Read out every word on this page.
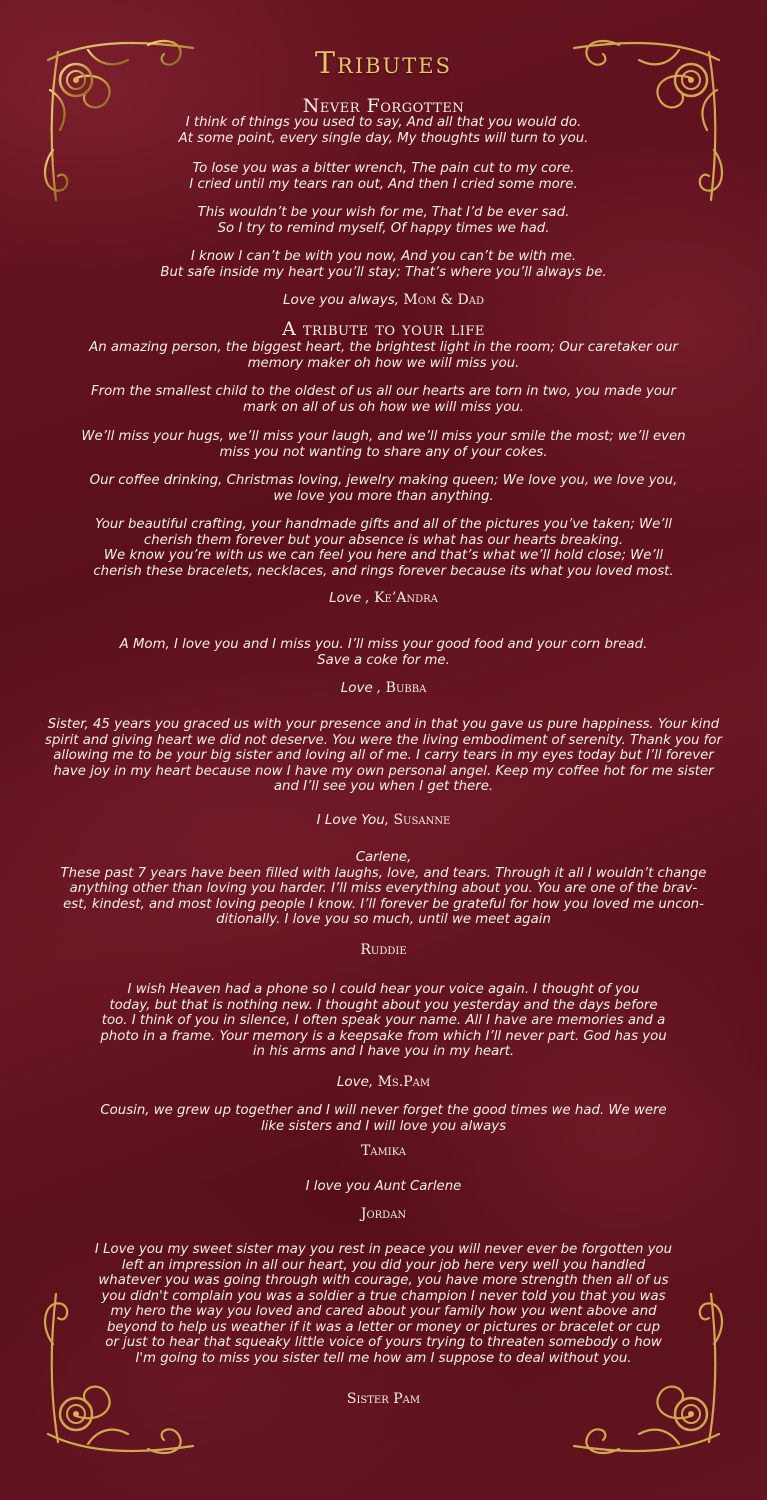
Tributes
Never Forgotten
I think of things you used to say, And all that you would do.
At some point, every single day, My thoughts will turn to you.
To lose you was a bitter wrench, The pain cut to my core.
I cried until my tears ran out, And then I cried some more.
This wouldn’t be your wish for me, That I’d be ever sad.
So I try to remind myself, Of happy times we had.
I know I can’t be with you now, And you can’t be with me.
But safe inside my heart you’ll stay; That’s where you’ll always be.
Love you always, Mom & Dad
A tribute to your life
An amazing person, the biggest heart, the brightest light in the room; Our caretaker our
memory maker oh how we will miss you.
From the smallest child to the oldest of us all our hearts are torn in two, you made your
mark on all of us oh how we will miss you.
We’ll miss your hugs, we’ll miss your laugh, and we’ll miss your smile the most; we’ll even
miss you not wanting to share any of your cokes.
Our coffee drinking, Christmas loving, jewelry making queen; We love you, we love you,
we love you more than anything.
Your beautiful crafting, your handmade gifts and all of the pictures you’ve taken; We’ll
cherish them forever but your absence is what has our hearts breaking.
We know you’re with us we can feel you here and that’s what we’ll hold close; We’ll
cherish these bracelets, necklaces, and rings forever because its what you loved most.
Love , Ke’Andra
A Mom, I love you and I miss you. I’ll miss your good food and your corn bread.
Save a coke for me.
Love , Bubba
Sister, 45 years you graced us with your presence and in that you gave us pure happiness. Your kind
spirit and giving heart we did not deserve. You were the living embodiment of serenity. Thank you for
allowing me to be your big sister and loving all of me. I carry tears in my eyes today but I’ll forever
have joy in my heart because now I have my own personal angel. Keep my coffee hot for me sister
and I’ll see you when I get there.
I Love You, Susanne
Carlene,
These past 7 years have been filled with laughs, love, and tears. Through it all I wouldn’t change
anything other than loving you harder. I’ll miss everything about you. You are one of the brav-
est, kindest, and most loving people I know. I’ll forever be grateful for how you loved me uncon-
ditionally. I love you so much, until we meet again
Ruddie
I wish Heaven had a phone so I could hear your voice again. I thought of you
today, but that is nothing new. I thought about you yesterday and the days before
too. I think of you in silence, I often speak your name. All I have are memories and a
photo in a frame. Your memory is a keepsake from which I’ll never part. God has you
in his arms and I have you in my heart.
Love, Ms.Pam
Cousin, we grew up together and I will never forget the good times we had. We were
like sisters and I will love you always
Tamika
I love you Aunt Carlene
Jordan
I Love you my sweet sister may you rest in peace you will never ever be forgotten you
left an impression in all our heart, you did your job here very well you handled
whatever you was going through with courage, you have more strength then all of us
you didn't complain you was a soldier a true champion I never told you that you was
my hero the way you loved and cared about your family how you went above and
beyond to help us weather if it was a letter or money or pictures or bracelet or cup
or just to hear that squeaky little voice of yours trying to threaten somebody o how
I'm going to miss you sister tell me how am I suppose to deal without you.
Sister Pam
